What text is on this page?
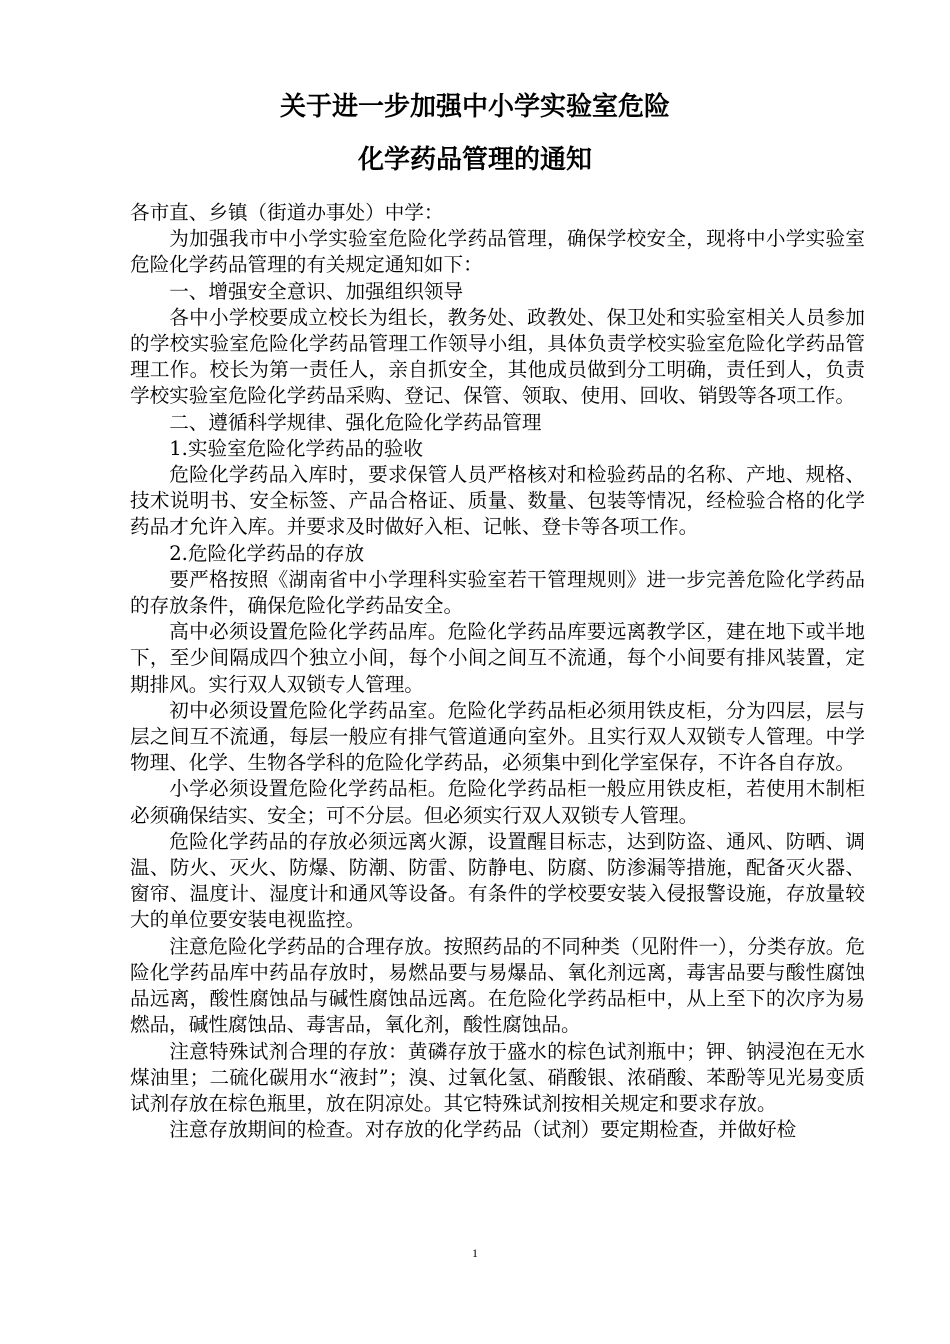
关于进一步加强中小学实验室危险
化学药品管理的通知

各市直、乡镇（街道办事处）中学：

为加强我市中小学实验室危险化学药品管理，确保学校安全，现将中小学实验室危险化学药品管理的有关规定通知如下：

一、增强安全意识、加强组织领导

各中小学校要成立校长为组长，教务处、政教处、保卫处和实验室相关人员参加的学校实验室危险化学药品管理工作领导小组，具体负责学校实验室危险化学药品管理工作。校长为第一责任人，亲自抓安全，其他成员做到分工明确，责任到人，负责学校实验室危险化学药品采购、登记、保管、领取、使用、回收、销毁等各项工作。

二、遵循科学规律、强化危险化学药品管理

1.实验室危险化学药品的验收

危险化学药品入库时，要求保管人员严格核对和检验药品的名称、产地、规格、技术说明书、安全标签、产品合格证、质量、数量、包装等情况，经检验合格的化学药品才允许入库。并要求及时做好入柜、记帐、登卡等各项工作。

2.危险化学药品的存放

要严格按照《湖南省中小学理科实验室若干管理规则》进一步完善危险化学药品的存放条件，确保危险化学药品安全。

高中必须设置危险化学药品库。危险化学药品库要远离教学区，建在地下或半地下，至少间隔成四个独立小间，每个小间之间互不流通，每个小间要有排风装置，定期排风。实行双人双锁专人管理。

初中必须设置危险化学药品室。危险化学药品柜必须用铁皮柜，分为四层，层与层之间互不流通，每层一般应有排气管道通向室外。且实行双人双锁专人管理。中学物理、化学、生物各学科的危险化学药品，必须集中到化学室保存，不许各自存放。

小学必须设置危险化学药品柜。危险化学药品柜一般应用铁皮柜，若使用木制柜必须确保结实、安全；可不分层。但必须实行双人双锁专人管理。

危险化学药品的存放必须远离火源，设置醒目标志，达到防盗、通风、防晒、调温、防火、灭火、防爆、防潮、防雷、防静电、防腐、防渗漏等措施，配备灭火器、窗帘、温度计、湿度计和通风等设备。有条件的学校要安装入侵报警设施，存放量较大的单位要安装电视监控。

注意危险化学药品的合理存放。按照药品的不同种类（见附件一），分类存放。危险化学药品库中药品存放时，易燃品要与易爆品、氧化剂远离，毒害品要与酸性腐蚀品远离，酸性腐蚀品与碱性腐蚀品远离。在危险化学药品柜中，从上至下的次序为易燃品，碱性腐蚀品、毒害品，氧化剂，酸性腐蚀品。

注意特殊试剂合理的存放：黄磷存放于盛水的棕色试剂瓶中；钾、钠浸泡在无水煤油里；二硫化碳用水“液封”；溴、过氧化氢、硝酸银、浓硝酸、苯酚等见光易变质试剂存放在棕色瓶里，放在阴凉处。其它特殊试剂按相关规定和要求存放。

注意存放期间的检查。对存放的化学药品（试剂）要定期检查，并做好检

1
